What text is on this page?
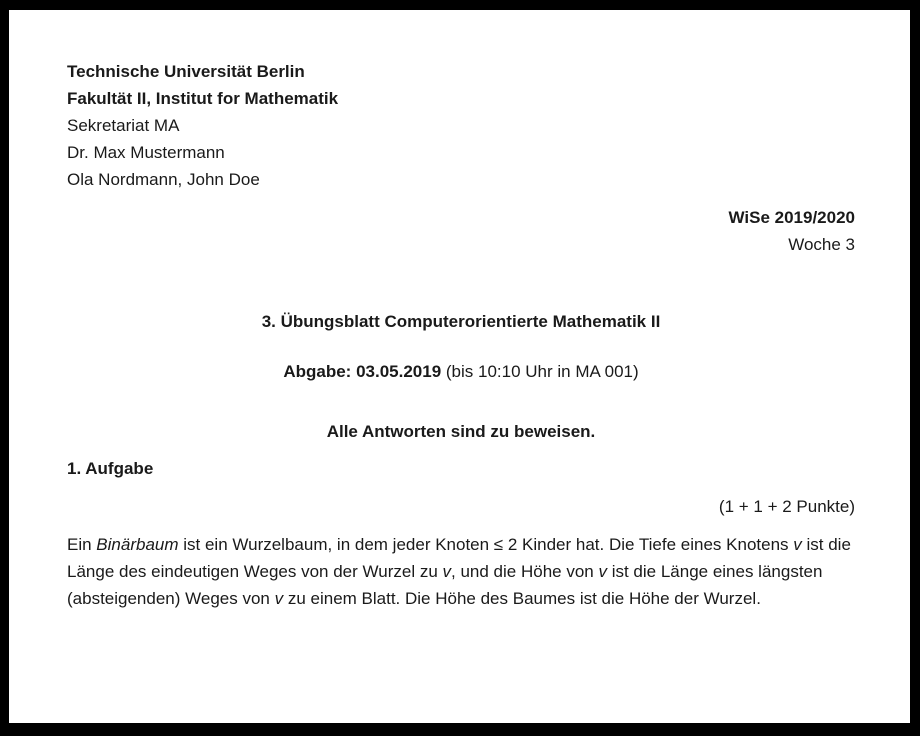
Technische Universität Berlin
Fakultät II, Institut for Mathematik
Sekretariat MA
Dr. Max Mustermann
Ola Nordmann, John Doe
WiSe 2019/2020
Woche 3
3. Übungsblatt Computerorientierte Mathematik II
Abgabe: 03.05.2019 (bis 10:10 Uhr in MA 001)
Alle Antworten sind zu beweisen.
1. Aufgabe
(1 + 1 + 2 Punkte)

Ein Binärbaum ist ein Wurzelbaum, in dem jeder Knoten ≤ 2 Kinder hat. Die Tiefe eines Knotens v ist die Länge des eindeutigen Weges von der Wurzel zu v, und die Höhe von v ist die Länge eines längsten (absteigenden) Weges von v zu einem Blatt. Die Höhe des Baumes ist die Höhe der Wurzel.
